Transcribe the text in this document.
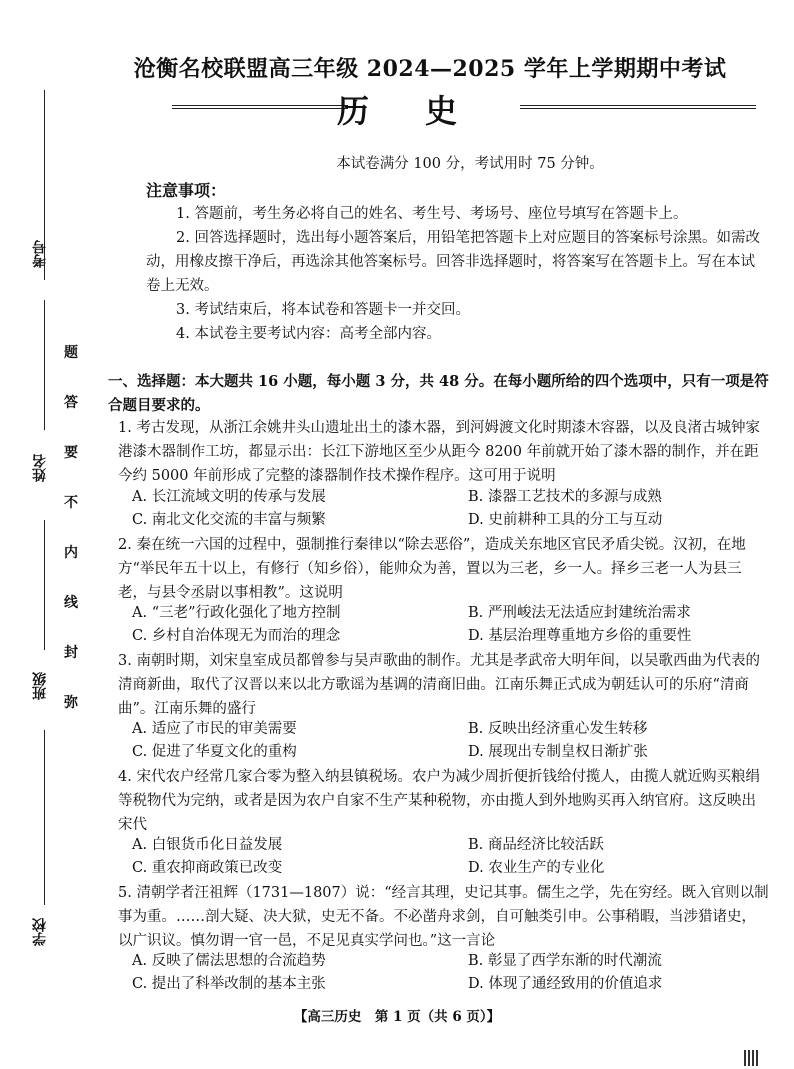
考号
姓名
班级
学校
题
答
要
不
内
线
封
弥
沧衡名校联盟高三年级 2024—2025 学年上学期期中考试
历史
本试卷满分 100 分，考试用时 75 分钟。
注意事项：
1. 答题前，考生务必将自己的姓名、考生号、考场号、座位号填写在答题卡上。
2. 回答选择题时，选出每小题答案后，用铅笔把答题卡上对应题目的答案标号涂黑。如需改动，用橡皮擦干净后，再选涂其他答案标号。回答非选择题时，将答案写在答题卡上。写在本试卷上无效。
3. 考试结束后，将本试卷和答题卡一并交回。
4. 本试卷主要考试内容：高考全部内容。
一、选择题：本大题共 16 小题，每小题 3 分，共 48 分。在每小题所给的四个选项中，只有一项是符合题目要求的。
1. 考古发现，从浙江余姚井头山遗址出土的漆木器，到河姆渡文化时期漆木容器，以及良渚古城钟家港漆木器制作工坊，都显示出：长江下游地区至少从距今 8200 年前就开始了漆木器的制作，并在距今约 5000 年前形成了完整的漆器制作技术操作程序。这可用于说明
A. 长江流域文明的传承与发展	B. 漆器工艺技术的多源与成熟
C. 南北文化交流的丰富与频繁	D. 史前耕种工具的分工与互动
2. 秦在统一六国的过程中，强制推行秦律以“除去恶俗”，造成关东地区官民矛盾尖锐。汉初，在地方“举民年五十以上，有修行（知乡俗），能帅众为善，置以为三老，乡一人。择乡三老一人为县三老，与县令丞尉以事相教”。这说明
A. “三老”行政化强化了地方控制	B. 严刑峻法无法适应封建统治需求
C. 乡村自治体现无为而治的理念	D. 基层治理尊重地方乡俗的重要性
3. 南朝时期，刘宋皇室成员都曾参与吴声歌曲的制作。尤其是孝武帝大明年间，以吴歌西曲为代表的清商新曲，取代了汉晋以来以北方歌谣为基调的清商旧曲。江南乐舞正式成为朝廷认可的乐府“清商曲”。江南乐舞的盛行
A. 适应了市民的审美需要	B. 反映出经济重心发生转移
C. 促进了华夏文化的重构	D. 展现出专制皇权日渐扩张
4. 宋代农户经常几家合零为整入纳县镇税场。农户为减少周折便折钱给付揽人，由揽人就近购买粮绢等税物代为完纳，或者是因为农户自家不生产某种税物，亦由揽人到外地购买再入纳官府。这反映出宋代
A. 白银货币化日益发展	B. 商品经济比较活跃
C. 重农抑商政策已改变	D. 农业生产的专业化
5. 清朝学者汪祖辉（1731—1807）说：“经言其理，史记其事。儒生之学，先在穷经。既入官则以制事为重。……剖大疑、决大狱，史无不备。不必凿舟求剑，自可触类引申。公事稍暇，当涉猎诸史，以广识议。慎勿谓一官一邑，不足见真实学问也。”这一言论
A. 反映了儒法思想的合流趋势	B. 彰显了西学东渐的时代潮流
C. 提出了科举改制的基本主张	D. 体现了通经致用的价值追求
【高三历史　第 1 页（共 6 页）】
